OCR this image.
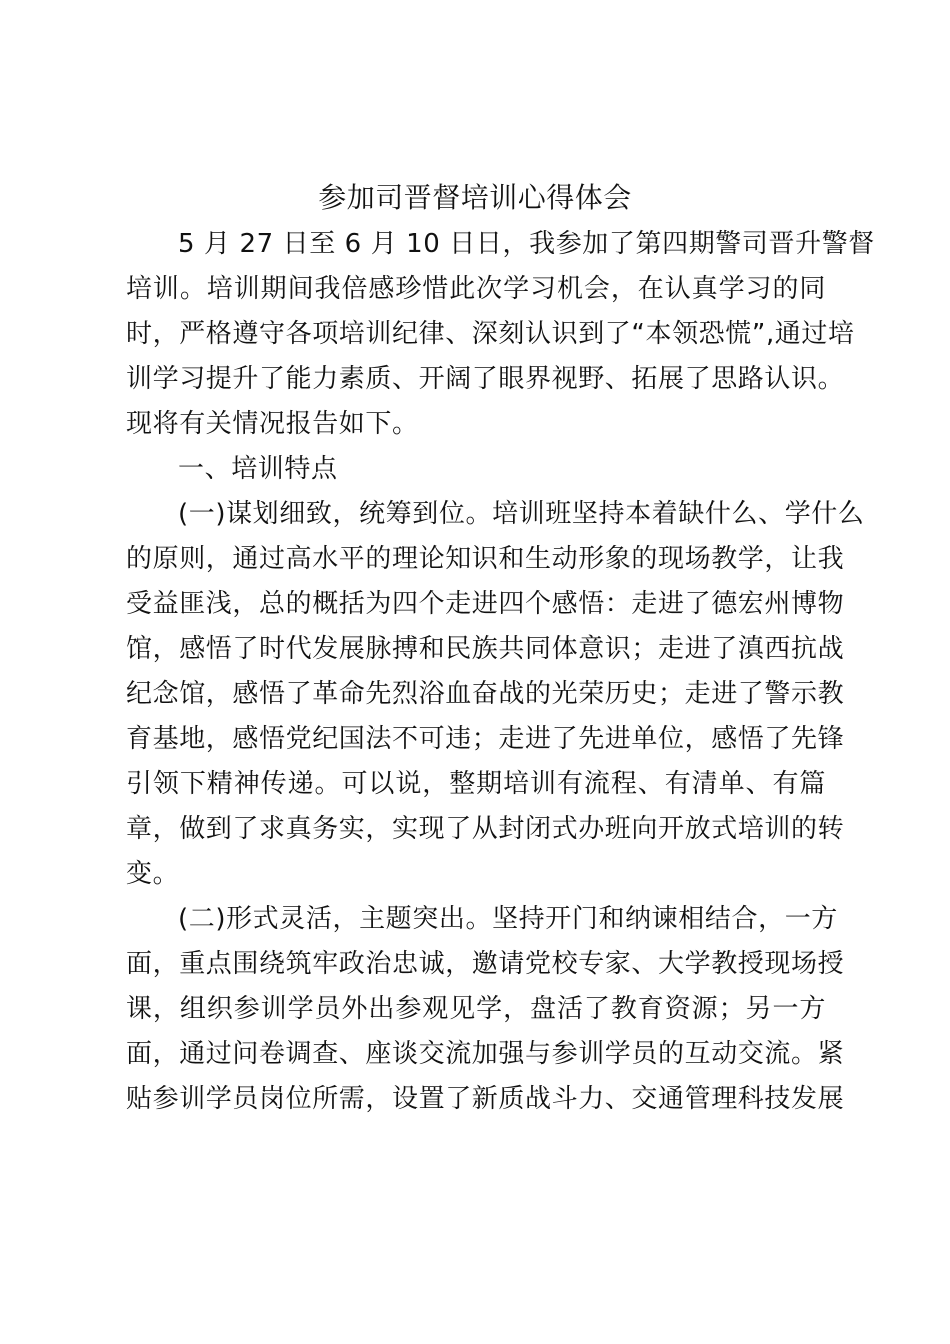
参加司晋督培训心得体会
5 月 27 日至 6 月 10 日日，我参加了第四期警司晋升警督
培训。培训期间我倍感珍惜此次学习机会，在认真学习的同
时，严格遵守各项培训纪律、深刻认识到了“本领恐慌”,通过培
训学习提升了能力素质、开阔了眼界视野、拓展了思路认识。
现将有关情况报告如下。
一、培训特点
(一)谋划细致，统筹到位。培训班坚持本着缺什么、学什么
的原则，通过高水平的理论知识和生动形象的现场教学，让我
受益匪浅，总的概括为四个走进四个感悟：走进了德宏州博物
馆，感悟了时代发展脉搏和民族共同体意识；走进了滇西抗战
纪念馆，感悟了革命先烈浴血奋战的光荣历史；走进了警示教
育基地，感悟党纪国法不可违；走进了先进单位，感悟了先锋
引领下精神传递。可以说，整期培训有流程、有清单、有篇
章，做到了求真务实，实现了从封闭式办班向开放式培训的转
变。
(二)形式灵活，主题突出。坚持开门和纳谏相结合，一方
面，重点围绕筑牢政治忠诚，邀请党校专家、大学教授现场授
课，组织参训学员外出参观见学，盘活了教育资源；另一方
面，通过问卷调查、座谈交流加强与参训学员的互动交流。紧
贴参训学员岗位所需，设置了新质战斗力、交通管理科技发展
